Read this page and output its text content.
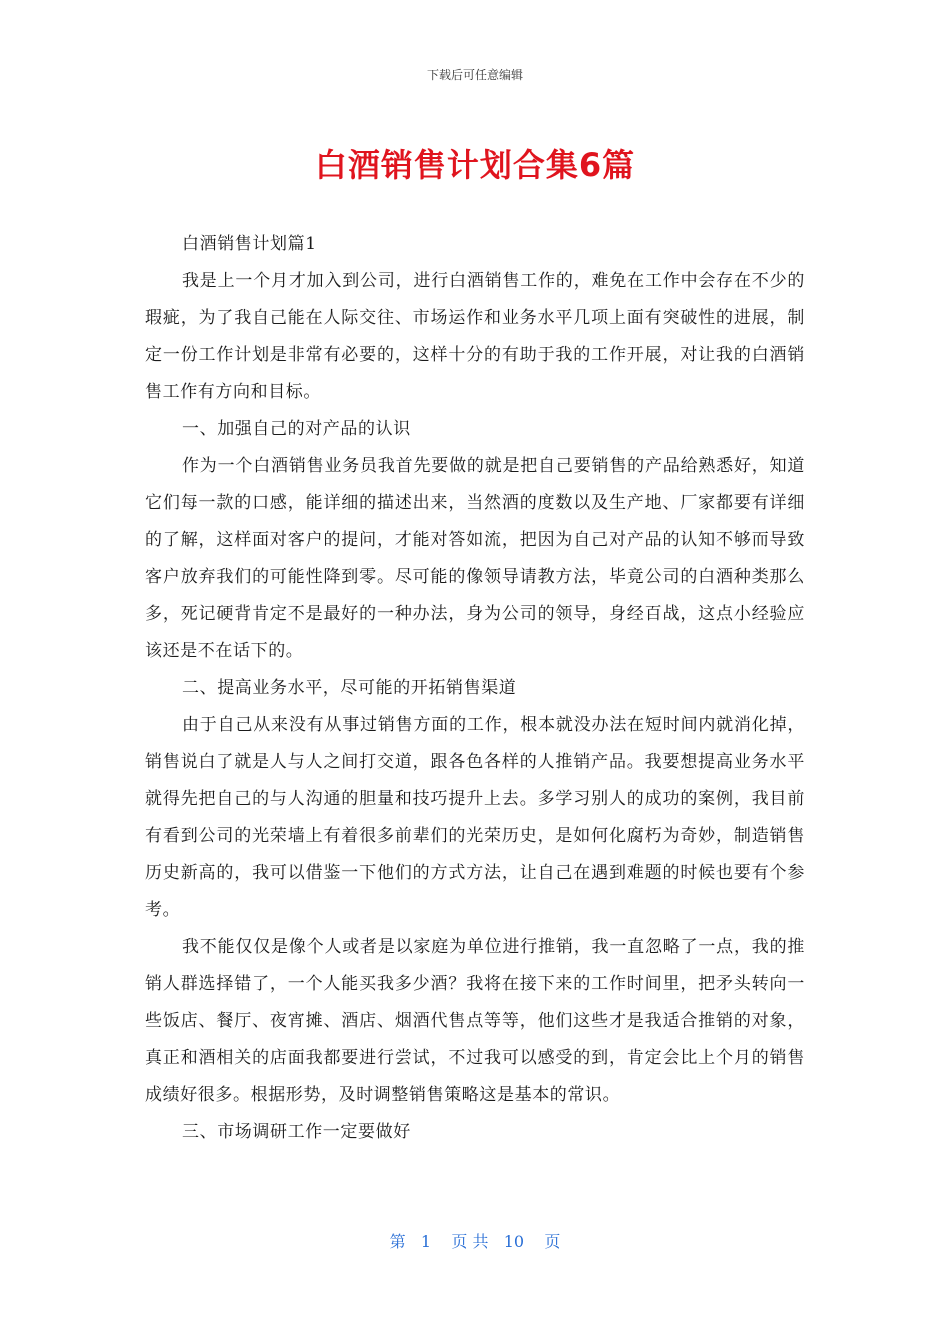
下载后可任意编辑
白酒销售计划合集6篇

白酒销售计划篇1

我是上一个月才加入到公司，进行白酒销售工作的，难免在工作中会存在不少的瑕疵，为了我自己能在人际交往、市场运作和业务水平几项上面有突破性的进展，制定一份工作计划是非常有必要的，这样十分的有助于我的工作开展，对让我的白酒销售工作有方向和目标。

一、加强自己的对产品的认识

作为一个白酒销售业务员我首先要做的就是把自己要销售的产品给熟悉好，知道它们每一款的口感，能详细的描述出来，当然酒的度数以及生产地、厂家都要有详细的了解，这样面对客户的提问，才能对答如流，把因为自己对产品的认知不够而导致客户放弃我们的可能性降到零。尽可能的像领导请教方法，毕竟公司的白酒种类那么多，死记硬背肯定不是最好的一种办法，身为公司的领导，身经百战，这点小经验应该还是不在话下的。

二、提高业务水平，尽可能的开拓销售渠道

由于自己从来没有从事过销售方面的工作，根本就没办法在短时间内就消化掉，销售说白了就是人与人之间打交道，跟各色各样的人推销产品。我要想提高业务水平就得先把自己的与人沟通的胆量和技巧提升上去。多学习别人的成功的案例，我目前有看到公司的光荣墙上有着很多前辈们的光荣历史，是如何化腐朽为奇妙，制造销售历史新高的，我可以借鉴一下他们的方式方法，让自己在遇到难题的时候也要有个参考。

我不能仅仅是像个人或者是以家庭为单位进行推销，我一直忽略了一点，我的推销人群选择错了，一个人能买我多少酒？我将在接下来的工作时间里，把矛头转向一些饭店、餐厅、夜宵摊、酒店、烟酒代售点等等，他们这些才是我适合推销的对象，真正和酒相关的店面我都要进行尝试，不过我可以感受的到，肯定会比上个月的销售成绩好很多。根据形势，及时调整销售策略这是基本的常识。

三、市场调研工作一定要做好

第   1    页 共   10    页
